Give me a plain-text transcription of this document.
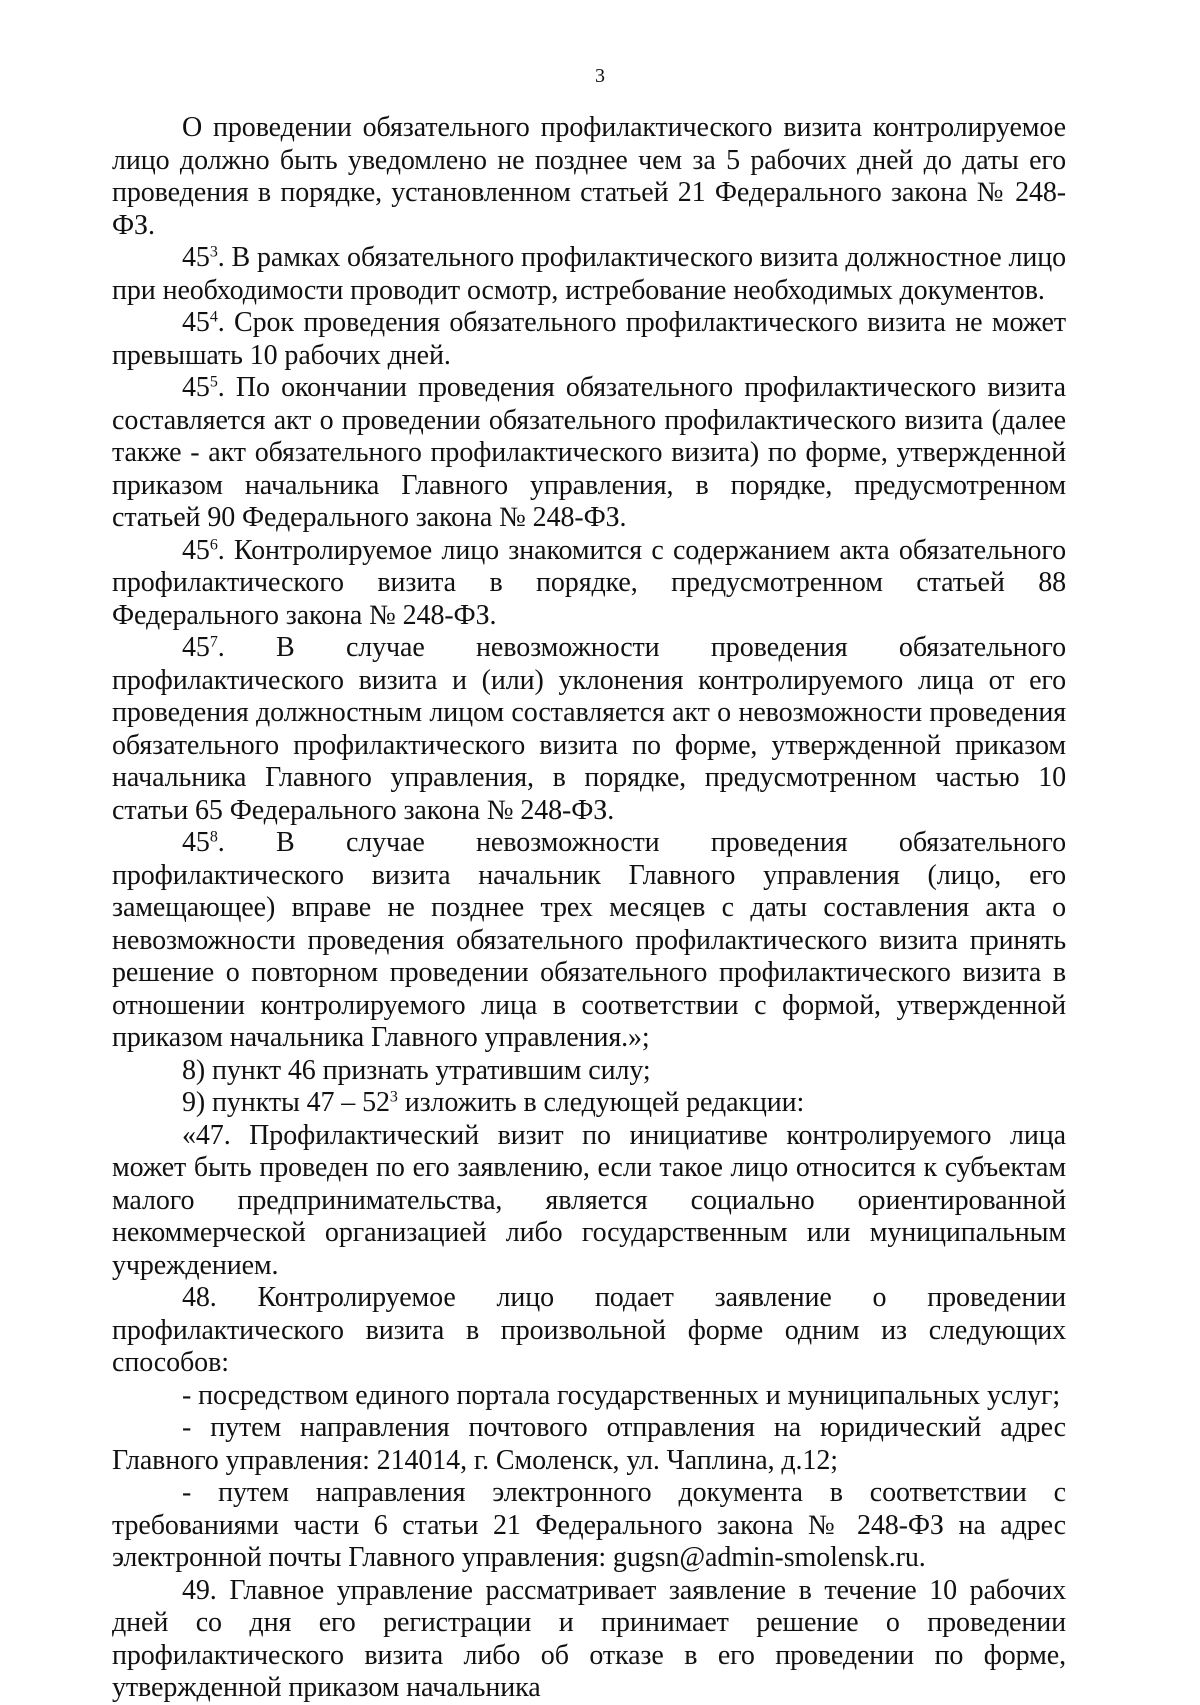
3

О проведении обязательного профилактического визита контролируемое лицо должно быть уведомлено не позднее чем за 5 рабочих дней до даты его проведения в порядке, установленном статьей 21 Федерального закона № 248-ФЗ.

$45^3$. В рамках обязательного профилактического визита должностное лицо при необходимости проводит осмотр, истребование необходимых документов.

$45^4$. Срок проведения обязательного профилактического визита не может превышать 10 рабочих дней.

$45^5$. По окончании проведения обязательного профилактического визита составляется акт о проведении обязательного профилактического визита (далее также - акт обязательного профилактического визита) по форме, утвержденной приказом начальника Главного управления, в порядке, предусмотренном статьей 90 Федерального закона № 248-ФЗ.

$45^6$. Контролируемое лицо знакомится с содержанием акта обязательного профилактического визита в порядке, предусмотренном статьей 88 Федерального закона № 248-ФЗ.

$45^7$. В случае невозможности проведения обязательного профилактического визита и (или) уклонения контролируемого лица от его проведения должностным лицом составляется акт о невозможности проведения обязательного профилактического визита по форме, утвержденной приказом начальника Главного управления, в порядке, предусмотренном частью 10 статьи 65 Федерального закона № 248-ФЗ.

$45^8$. В случае невозможности проведения обязательного профилактического визита начальник Главного управления (лицо, его замещающее) вправе не позднее трех месяцев с даты составления акта о невозможности проведения обязательного профилактического визита принять решение о повторном проведении обязательного профилактического визита в отношении контролируемого лица в соответствии с формой, утвержденной приказом начальника Главного управления.»;

8) пункт 46 признать утратившим силу;

9) пункты $47 - 52^3$ изложить в следующей редакции:

«47. Профилактический визит по инициативе контролируемого лица может быть проведен по его заявлению, если такое лицо относится к субъектам малого предпринимательства, является социально ориентированной некоммерческой организацией либо государственным или муниципальным учреждением.

48. Контролируемое лицо подает заявление о проведении профилактического визита в произвольной форме одним из следующих способов:

- посредством единого портала государственных и муниципальных услуг;

- путем направления почтового отправления на юридический адрес Главного управления: 214014, г. Смоленск, ул. Чаплина, д.12;

- путем направления электронного документа в соответствии с требованиями части 6 статьи 21 Федерального закона № 248-ФЗ на адрес электронной почты Главного управления: gugsn@admin-smolensk.ru.

49. Главное управление рассматривает заявление в течение 10 рабочих дней со дня его регистрации и принимает решение о проведении профилактического визита либо об отказе в его проведении по форме, утвержденной приказом начальника
